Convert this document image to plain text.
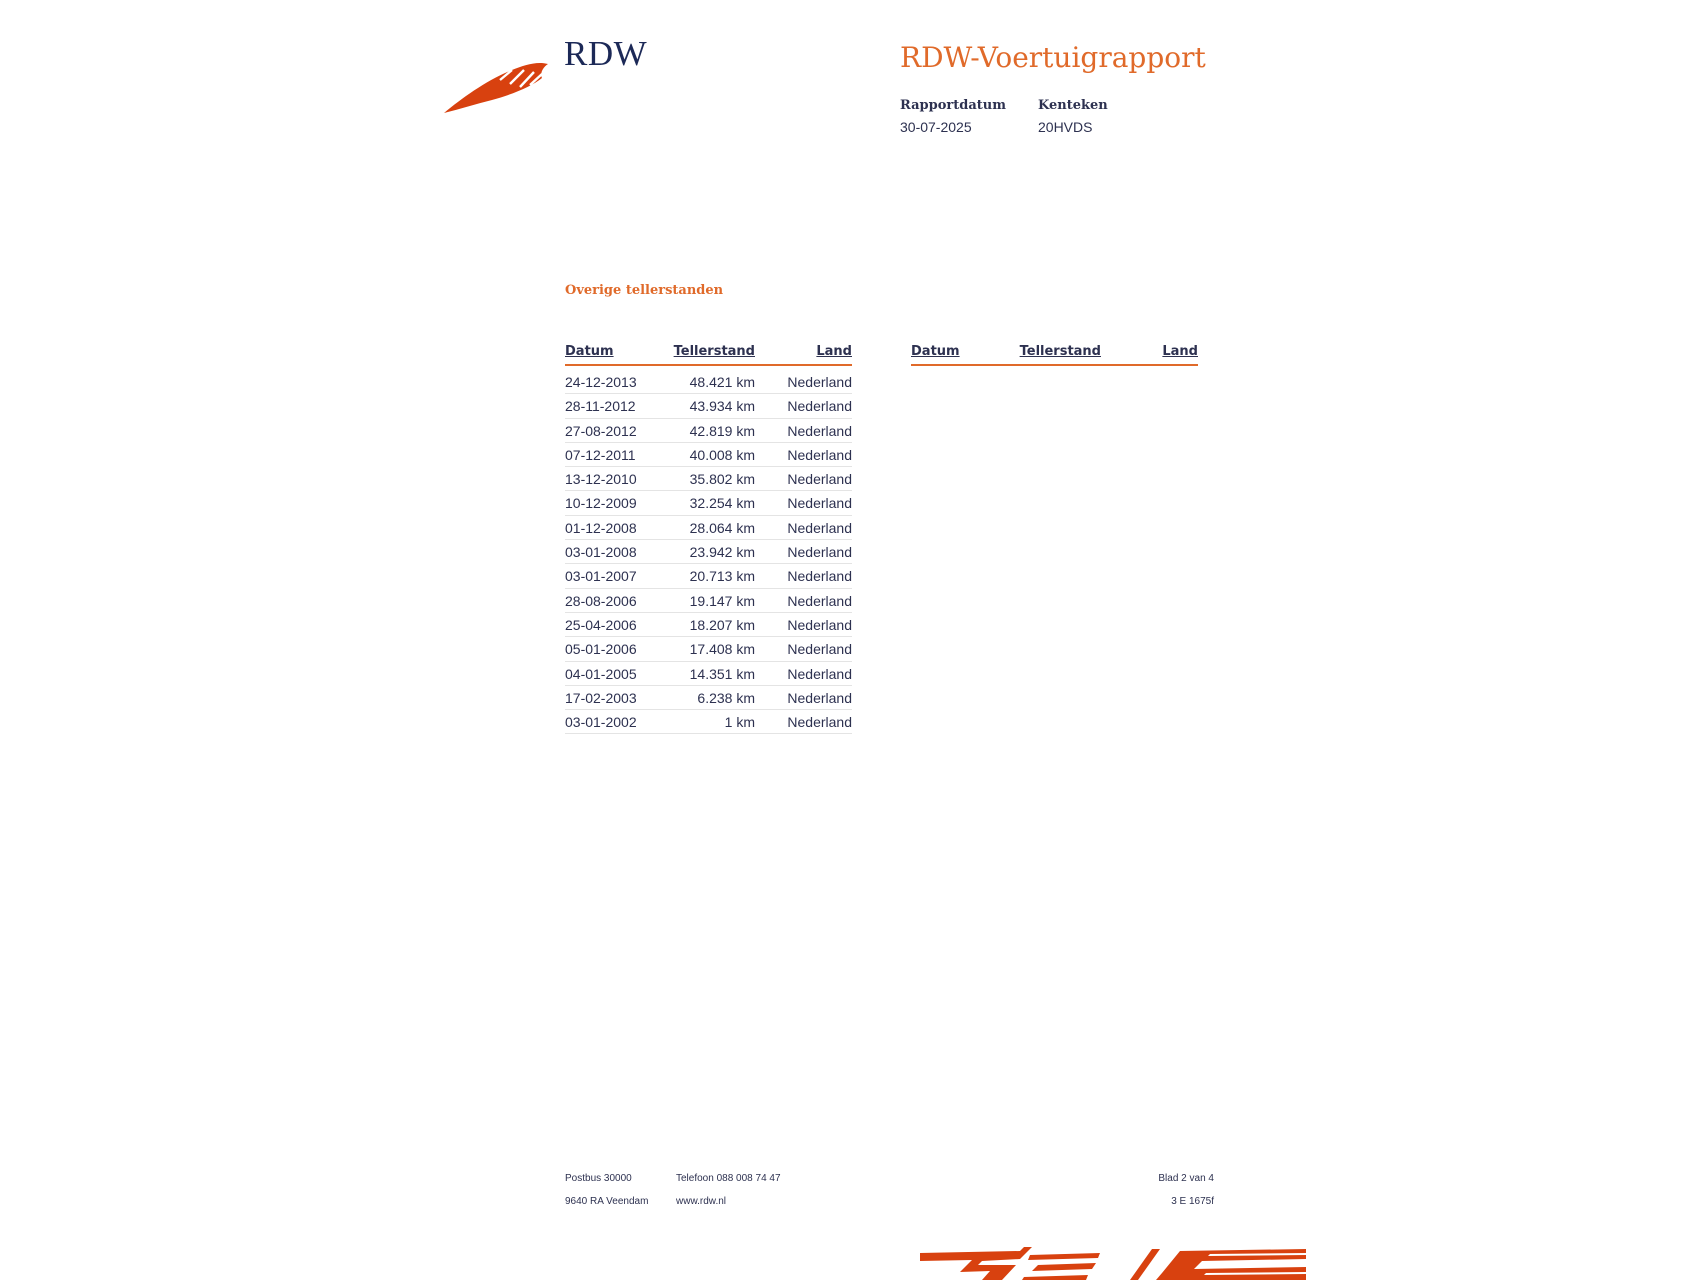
RDW	RDW-Voertuigrapport
Rapportdatum
30-07-2025
Kenteken
20HVDS
Overige tellerstanden
Datum	Tellerstand	Land
24-12-2013	48.421 km Nederland
28-11-2012	43.934 km Nederland
27-08-2012	42.819 km Nederland
07-12-2011	40.008 km Nederland
13-12-2010	35.802 km Nederland
10-12-2009	32.254 km Nederland
01-12-2008	28.064 km Nederland
03-01-2008	23.942 km Nederland
03-01-2007	20.713 km Nederland
28-08-2006	19.147 km Nederland
25-04-2006	18.207 km Nederland
05-01-2006	17.408 km Nederland
04-01-2005	14.351 km Nederland
17-02-2003	6.238 km Nederland
03-01-2002	1 km Nederland
Datum	Tellerstand	Land
Postbus 30000
9640 RA Veendam
Telefoon 088 008 74 47
www.rdw.nl
Blad 2 van 4
3 E 1675f
